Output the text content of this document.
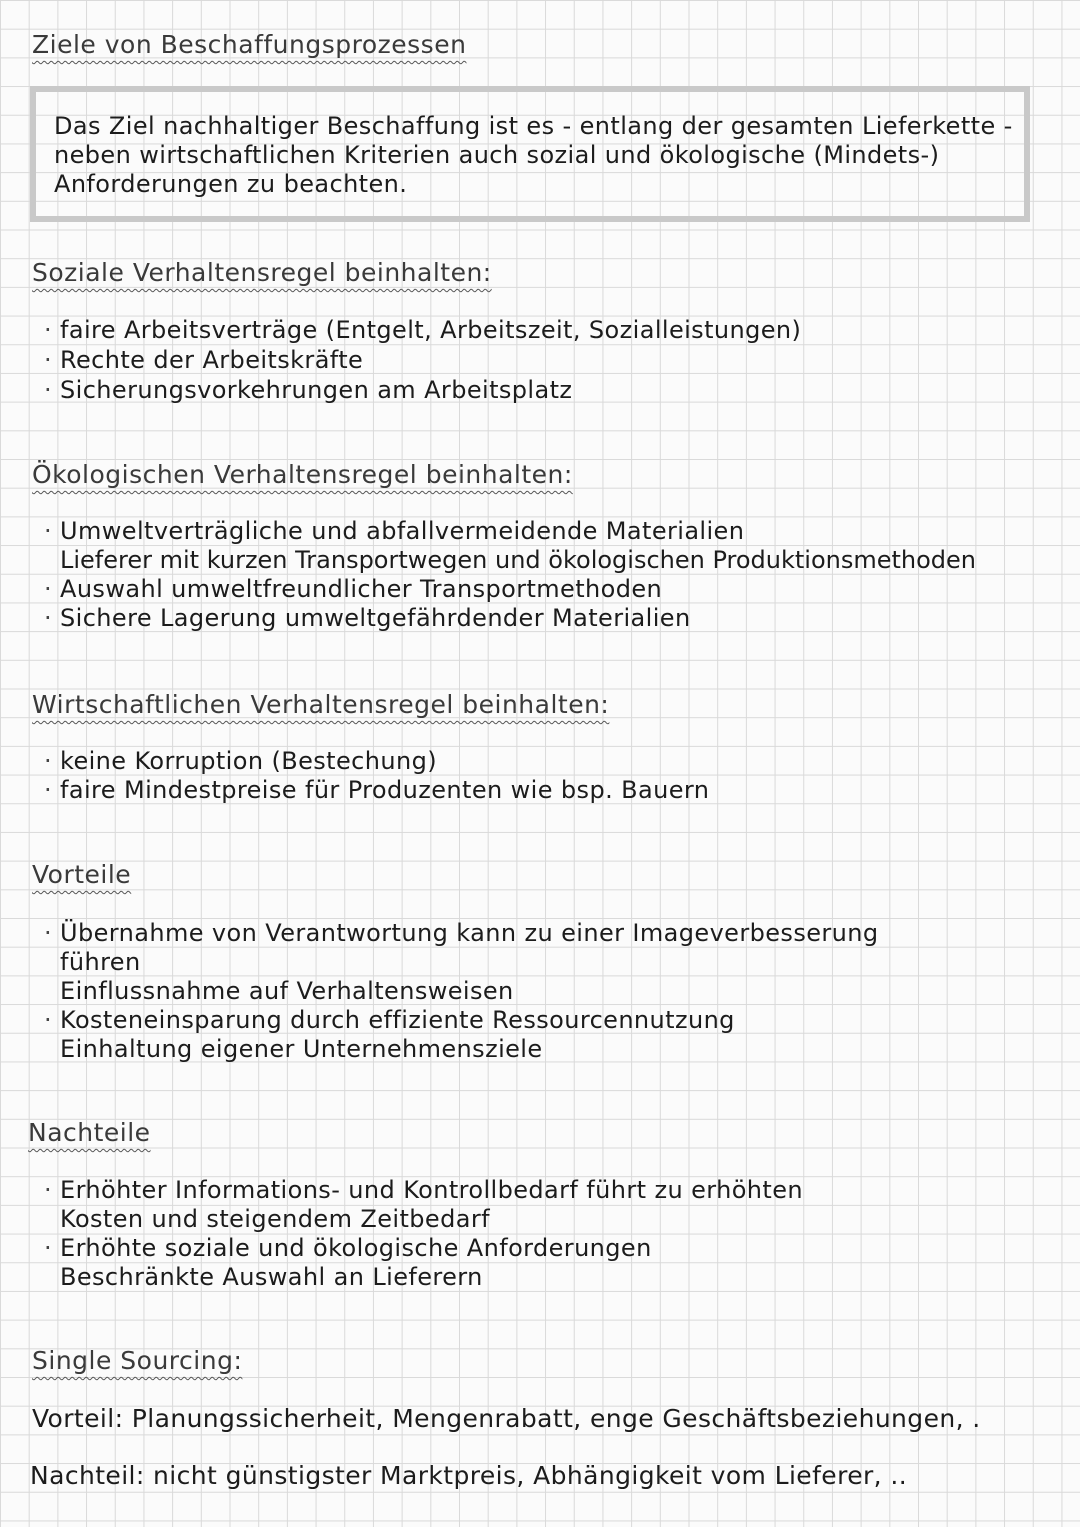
Ziele von Beschaffungsprozessen
Das Ziel nachhaltiger Beschaffung ist es - entlang der gesamten Lieferkette - neben wirtschaftlichen Kriterien auch sozial und ökologische (Mindets-) Anforderungen zu beachten.
Soziale Verhaltensregel beinhalten:
· faire Arbeitsverträge (Entgelt, Arbeitszeit, Sozialleistungen)
· Rechte der Arbeitskräfte
· Sicherungsvorkehrungen am Arbeitsplatz
Ökologischen Verhaltensregel beinhalten:
· Umweltverträgliche und abfallvermeidende Materialien
Lieferer mit kurzen Transportwegen und ökologischen Produktionsmethoden
· Auswahl umweltfreundlicher Transportmethoden
· Sichere Lagerung umweltgefährdender Materialien
Wirtschaftlichen Verhaltensregel beinhalten:
· keine Korruption (Bestechung)
· faire Mindestpreise für Produzenten wie bsp. Bauern
Vorteile
· Übernahme von Verantwortung kann zu einer Imageverbesserung
führen
Einflussnahme auf Verhaltensweisen
· Kosteneinsparung durch effiziente Ressourcennutzung
Einhaltung eigener Unternehmensziele
Nachteile
· Erhöhter Informations- und Kontrollbedarf führt zu erhöhten
Kosten und steigendem Zeitbedarf
· Erhöhte soziale und ökologische Anforderungen
Beschränkte Auswahl an Lieferern
Single Sourcing:
Vorteil: Planungssicherheit, Mengenrabatt, enge Geschäftsbeziehungen, .
Nachteil: nicht günstigster Marktpreis, Abhängigkeit vom Lieferer, ..
